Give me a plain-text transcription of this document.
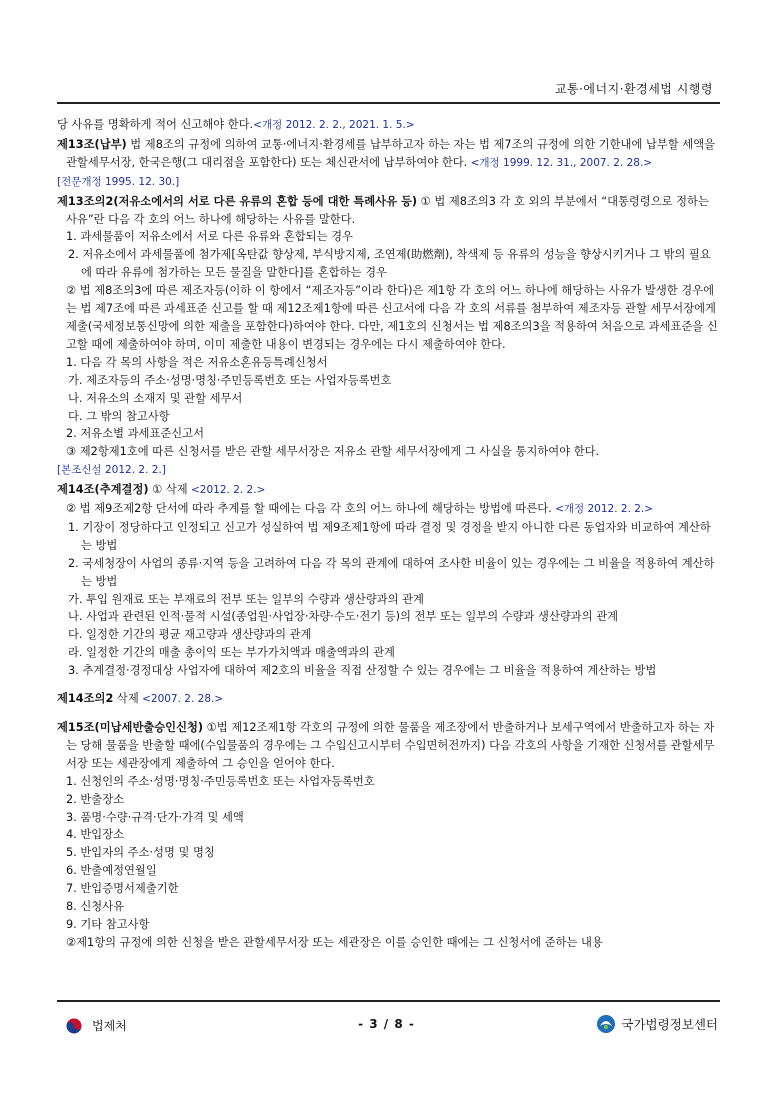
교통·에너지·환경세법 시행령

당 사유를 명확하게 적어 신고해야 한다.<개정 2012. 2. 2., 2021. 1. 5.>

제13조(납부) 법 제8조의 규정에 의하여 교통·에너지·환경세를 납부하고자 하는 자는 법 제7조의 규정에 의한 기한내에 납부할 세액을 관할세무서장, 한국은행(그 대리점을 포함한다) 또는 체신관서에 납부하여야 한다. <개정 1999. 12. 31., 2007. 2. 28.>

[전문개정 1995. 12. 30.]

제13조의2(저유소에서의 서로 다른 유류의 혼합 등에 대한 특례사유 등) ① 법 제8조의3 각 호 외의 부분에서 “대통령령으로 정하는 사유”란 다음 각 호의 어느 하나에 해당하는 사유를 말한다.

1. 과세물품이 저유소에서 서로 다른 유류와 혼합되는 경우

2. 저유소에서 과세물품에 첨가제[옥탄값 향상제, 부식방지제, 조연제(助燃劑), 착색제 등 유류의 성능을 향상시키거나 그 밖의 필요에 따라 유류에 첨가하는 모든 물질을 말한다]를 혼합하는 경우

② 법 제8조의3에 따른 제조자등(이하 이 항에서 “제조자등”이라 한다)은 제1항 각 호의 어느 하나에 해당하는 사유가 발생한 경우에는 법 제7조에 따른 과세표준 신고를 할 때 제12조제1항에 따른 신고서에 다음 각 호의 서류를 첨부하여 제조자등 관할 세무서장에게 제출(국세정보통신망에 의한 제출을 포함한다)하여야 한다. 다만, 제1호의 신청서는 법 제8조의3을 적용하여 처음으로 과세표준을 신고할 때에 제출하여야 하며, 이미 제출한 내용이 변경되는 경우에는 다시 제출하여야 한다.

1. 다음 각 목의 사항을 적은 저유소혼유등특례신청서

가. 제조자등의 주소·성명·명칭·주민등록번호 또는 사업자등록번호

나. 저유소의 소재지 및 관할 세무서

다. 그 밖의 참고사항

2. 저유소별 과세표준신고서

③ 제2항제1호에 따른 신청서를 받은 관할 세무서장은 저유소 관할 세무서장에게 그 사실을 통지하여야 한다.

[본조신설 2012. 2. 2.]

제14조(추계결정) ① 삭제 <2012. 2. 2.>

② 법 제9조제2항 단서에 따라 추계를 할 때에는 다음 각 호의 어느 하나에 해당하는 방법에 따른다. <개정 2012. 2. 2.>

1. 기장이 정당하다고 인정되고 신고가 성실하여 법 제9조제1항에 따라 결정 및 경정을 받지 아니한 다른 동업자와 비교하여 계산하는 방법

2. 국세청장이 사업의 종류·지역 등을 고려하여 다음 각 목의 관계에 대하여 조사한 비율이 있는 경우에는 그 비율을 적용하여 계산하는 방법

가. 투입 원재료 또는 부재료의 전부 또는 일부의 수량과 생산량과의 관계

나. 사업과 관련된 인적·물적 시설(종업원·사업장·차량·수도·전기 등)의 전부 또는 일부의 수량과 생산량과의 관계

다. 일정한 기간의 평균 재고량과 생산량과의 관계

라. 일정한 기간의 매출 총이익 또는 부가가치액과 매출액과의 관계

3. 추계결정·경정대상 사업자에 대하여 제2호의 비율을 직접 산정할 수 있는 경우에는 그 비율을 적용하여 계산하는 방법

제14조의2 삭제 <2007. 2. 28.>

제15조(미납세반출승인신청) ①법 제12조제1항 각호의 규정에 의한 물품을 제조장에서 반출하거나 보세구역에서 반출하고자 하는 자는 당해 물품을 반출할 때에(수입물품의 경우에는 그 수입신고시부터 수입면허전까지) 다음 각호의 사항을 기재한 신청서를 관할세무서장 또는 세관장에게 제출하여 그 승인을 얻어야 한다.

1. 신청인의 주소·성명·명칭·주민등록번호 또는 사업자등록번호

2. 반출장소

3. 품명·수량·규격·단가·가격 및 세액

4. 반입장소

5. 반입자의 주소·성명 및 명칭

6. 반출예정연월일

7. 반입증명서제출기한

8. 신청사유

9. 기타 참고사항

②제1항의 규정에 의한 신청을 받은 관할세무서장 또는 세관장은 이를 승인한 때에는 그 신청서에 준하는 내용

법제처	- 3 / 8 -	국가법령정보센터
